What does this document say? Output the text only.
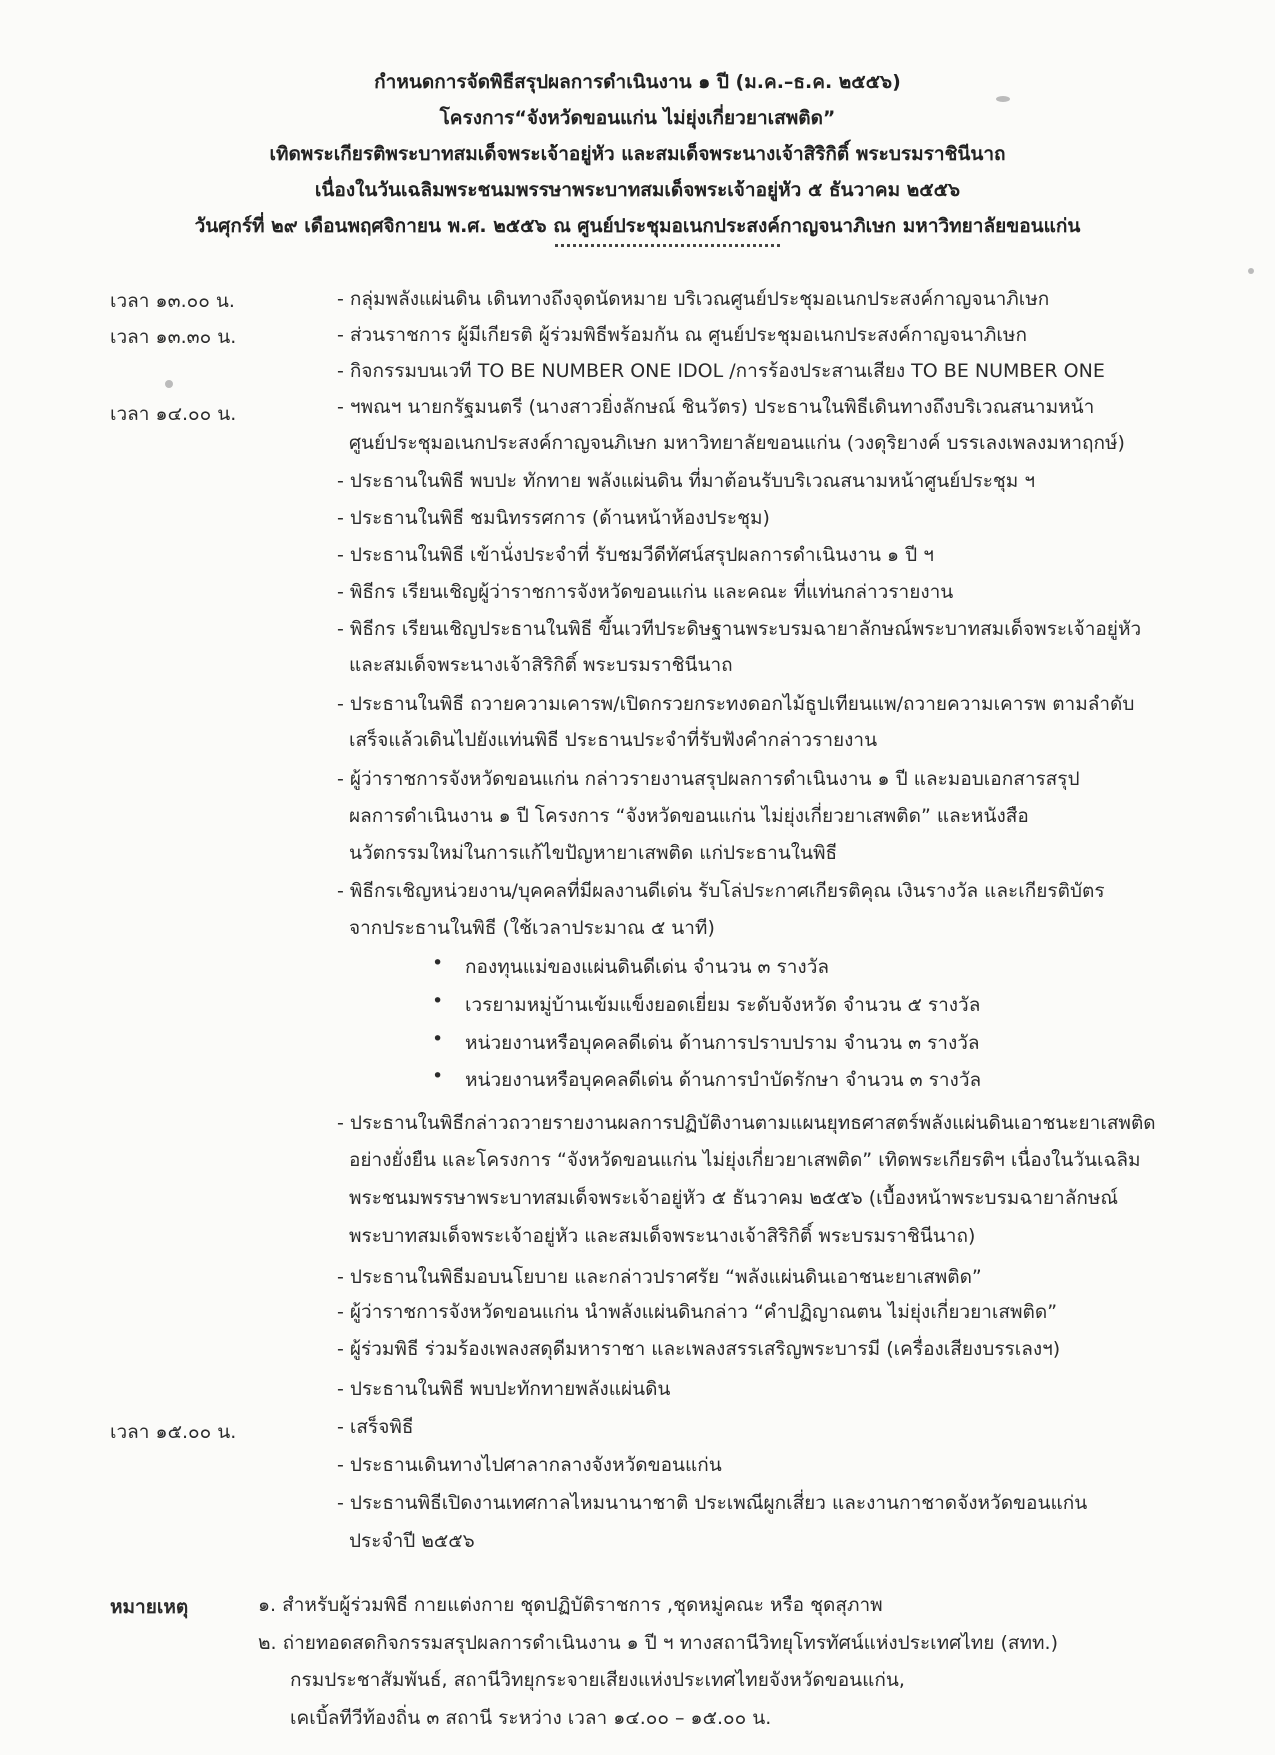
กำหนดการจัดพิธีสรุปผลการดำเนินงาน ๑ ปี (ม.ค.–ธ.ค. ๒๕๕๖)
โครงการ“จังหวัดขอนแก่น ไม่ยุ่งเกี่ยวยาเสพติด”
เทิดพระเกียรติพระบาทสมเด็จพระเจ้าอยู่หัว และสมเด็จพระนางเจ้าสิริกิติ์ พระบรมราชินีนาถ
เนื่องในวันเฉลิมพระชนมพรรษาพระบาทสมเด็จพระเจ้าอยู่หัว ๕ ธันวาคม ๒๕๕๖
วันศุกร์ที่ ๒๙ เดือนพฤศจิกายน พ.ศ. ๒๕๕๖ ณ ศูนย์ประชุมอเนกประสงค์กาญจนาภิเษก มหาวิทยาลัยขอนแก่น
เวลา ๑๓.๐๐ น.	- กลุ่มพลังแผ่นดิน เดินทางถึงจุดนัดหมาย บริเวณศูนย์ประชุมอเนกประสงค์กาญจนาภิเษก
เวลา ๑๓.๓๐ น.	- ส่วนราชการ ผู้มีเกียรติ ผู้ร่วมพิธีพร้อมกัน ณ ศูนย์ประชุมอเนกประสงค์กาญจนาภิเษก
- กิจกรรมบนเวที TO BE NUMBER ONE IDOL /การร้องประสานเสียง TO BE NUMBER ONE
เวลา ๑๔.๐๐ น.	- ฯพณฯ นายกรัฐมนตรี (นางสาวยิ่งลักษณ์ ชินวัตร) ประธานในพิธีเดินทางถึงบริเวณสนามหน้า
ศูนย์ประชุมอเนกประสงค์กาญจนภิเษก มหาวิทยาลัยขอนแก่น (วงดุริยางค์ บรรเลงเพลงมหาฤกษ์)
- ประธานในพิธี พบปะ ทักทาย พลังแผ่นดิน ที่มาต้อนรับบริเวณสนามหน้าศูนย์ประชุม ฯ
- ประธานในพิธี ชมนิทรรศการ (ด้านหน้าห้องประชุม)
- ประธานในพิธี เข้านั่งประจำที่ รับชมวีดีทัศน์สรุปผลการดำเนินงาน ๑ ปี ฯ
- พิธีกร เรียนเชิญผู้ว่าราชการจังหวัดขอนแก่น และคณะ ที่แท่นกล่าวรายงาน
- พิธีกร เรียนเชิญประธานในพิธี ขึ้นเวทีประดิษฐานพระบรมฉายาลักษณ์พระบาทสมเด็จพระเจ้าอยู่หัว
และสมเด็จพระนางเจ้าสิริกิติ์ พระบรมราชินีนาถ
- ประธานในพิธี ถวายความเคารพ/เปิดกรวยกระทงดอกไม้ธูปเทียนแพ/ถวายความเคารพ ตามลำดับ
เสร็จแล้วเดินไปยังแท่นพิธี ประธานประจำที่รับฟังคำกล่าวรายงาน
- ผู้ว่าราชการจังหวัดขอนแก่น กล่าวรายงานสรุปผลการดำเนินงาน ๑ ปี และมอบเอกสารสรุป
ผลการดำเนินงาน ๑ ปี โครงการ “จังหวัดขอนแก่น ไม่ยุ่งเกี่ยวยาเสพติด” และหนังสือ
นวัตกรรมใหม่ในการแก้ไขปัญหายาเสพติด แก่ประธานในพิธี
- พิธีกรเชิญหน่วยงาน/บุคคลที่มีผลงานดีเด่น รับโล่ประกาศเกียรติคุณ เงินรางวัล และเกียรติบัตร
จากประธานในพิธี (ใช้เวลาประมาณ ๕ นาที)
• กองทุนแม่ของแผ่นดินดีเด่น จำนวน ๓ รางวัล
• เวรยามหมู่บ้านเข้มแข็งยอดเยี่ยม ระดับจังหวัด จำนวน ๕ รางวัล
• หน่วยงานหรือบุคคลดีเด่น ด้านการปราบปราม จำนวน ๓ รางวัล
• หน่วยงานหรือบุคคลดีเด่น ด้านการบำบัดรักษา จำนวน ๓ รางวัล
- ประธานในพิธีกล่าวถวายรายงานผลการปฏิบัติงานตามแผนยุทธศาสตร์พลังแผ่นดินเอาชนะยาเสพติด
อย่างยั่งยืน และโครงการ “จังหวัดขอนแก่น ไม่ยุ่งเกี่ยวยาเสพติด” เทิดพระเกียรติฯ เนื่องในวันเฉลิม
พระชนมพรรษาพระบาทสมเด็จพระเจ้าอยู่หัว ๕ ธันวาคม ๒๕๕๖ (เบื้องหน้าพระบรมฉายาลักษณ์
พระบาทสมเด็จพระเจ้าอยู่หัว และสมเด็จพระนางเจ้าสิริกิติ์ พระบรมราชินีนาถ)
- ประธานในพิธีมอบนโยบาย และกล่าวปราศรัย “พลังแผ่นดินเอาชนะยาเสพติด”
- ผู้ว่าราชการจังหวัดขอนแก่น นำพลังแผ่นดินกล่าว “คำปฏิญาณตน ไม่ยุ่งเกี่ยวยาเสพติด”
- ผู้ร่วมพิธี ร่วมร้องเพลงสดุดีมหาราชา และเพลงสรรเสริญพระบารมี (เครื่องเสียงบรรเลงฯ)
- ประธานในพิธี พบปะทักทายพลังแผ่นดิน
เวลา ๑๕.๐๐ น.	- เสร็จพิธี
- ประธานเดินทางไปศาลากลางจังหวัดขอนแก่น
- ประธานพิธีเปิดงานเทศกาลไหมนานาชาติ ประเพณีผูกเสี่ยว และงานกาชาดจังหวัดขอนแก่น
ประจำปี ๒๕๕๖
หมายเหตุ	๑. สำหรับผู้ร่วมพิธี กายแต่งกาย ชุดปฏิบัติราชการ ,ชุดหมู่คณะ หรือ ชุดสุภาพ
๒. ถ่ายทอดสดกิจกรรมสรุปผลการดำเนินงาน ๑ ปี ฯ ทางสถานีวิทยุโทรทัศน์แห่งประเทศไทย (สทท.)
กรมประชาสัมพันธ์, สถานีวิทยุกระจายเสียงแห่งประเทศไทยจังหวัดขอนแก่น,
เคเบิ้ลทีวีท้องถิ่น ๓ สถานี ระหว่าง เวลา ๑๔.๐๐ – ๑๕.๐๐ น.
